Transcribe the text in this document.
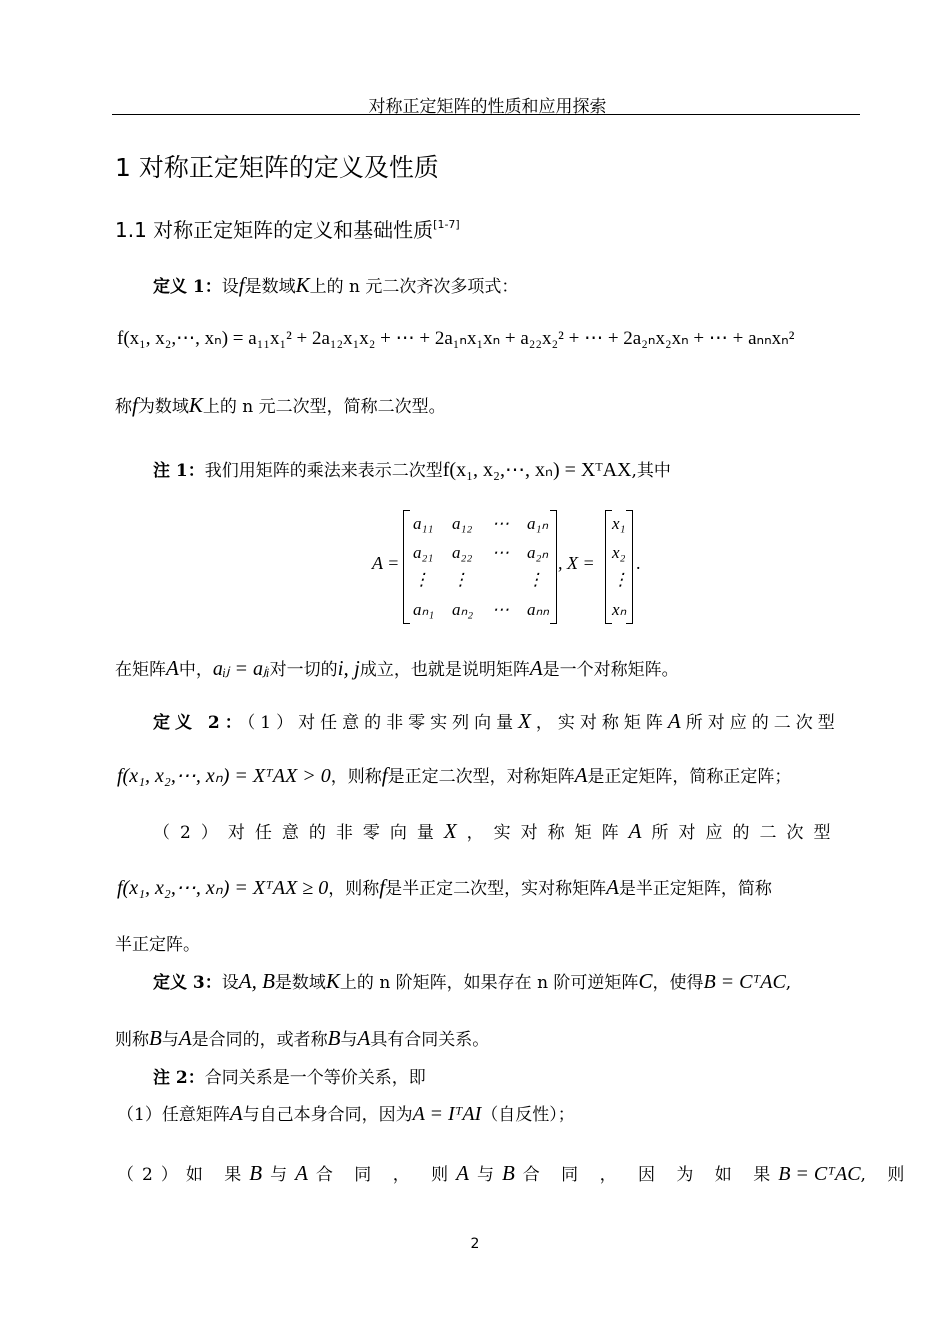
对称正定矩阵的性质和应用探索
1 对称正定矩阵的定义及性质
1.1 对称正定矩阵的定义和基础性质[1-7]
定义 1：设f是数域K上的 n 元二次齐次多项式：
f(x₁, x₂,⋯, xₙ) = a₁₁x₁² + 2a₁₂x₁x₂ + ⋯ + 2a₁ₙx₁xₙ + a₂₂x₂² + ⋯ + 2a₂ₙx₂xₙ + ⋯ + aₙₙxₙ²
称f为数域K上的 n 元二次型，简称二次型。
注 1：我们用矩阵的乘法来表示二次型f(x₁, x₂,⋯, xₙ) = XᵀAX,其中
A =
a₁₁ a₁₂ ⋯ a₁ₙ
a₂₁ a₂₂ ⋯ a₂ₙ
⋮ ⋮	⋮
aₙ₁ aₙ₂ ⋯ aₙₙ
, X =
x₁
x₂
⋮
xₙ
.
在矩阵A中，aᵢⱼ = aⱼᵢ对一切的i, j成立，也就是说明矩阵A是一个对称矩阵。
定义 2：（1）对任意的非零实列向量X，实对称矩阵A所对应的二次型
f(x₁, x₂,⋯, xₙ) = XᵀAX > 0，则称f是正定二次型，对称矩阵A是正定矩阵，简称正定阵；
（2）对任意的非零向量X，实对称矩阵A所对应的二次型
f(x₁, x₂,⋯, xₙ) = XᵀAX ≥ 0，则称f是半正定二次型，实对称矩阵A是半正定矩阵，简称
半正定阵。
定义 3：设A, B是数域K上的 n 阶矩阵，如果存在 n 阶可逆矩阵C，使得B = CᵀAC,
则称B与A是合同的，或者称B与A具有合同关系。
注 2：合同关系是一个等价关系，即
（1）任意矩阵A与自己本身合同，因为A = IᵀAI（自反性）；
（2）如 果B与A合 同 ， 则A与B合 同 ， 因 为 如 果B = CᵀAC, 则
2
